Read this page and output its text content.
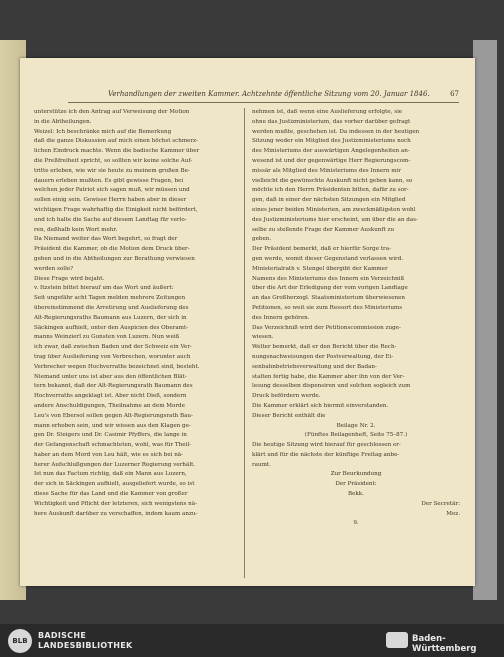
Verhandlungen der zweiten Kammer. Achtzehnte öffentliche Sitzung vom 20. Januar 1846.	67

unterstütze ich den Antrag auf Verweisung der Motion

in die Abtheilungen.

Weizel: Ich beschränke mich auf die Bemerkung

daß die ganze Diskussion auf mich einen höchst schmerz-

lichen Eindruck machte. Wenn die badische Kammer über

die Preßfreiheit spricht, so sollten wir keine solche Auf-

tritte erleben, wie wir sie heute zu meinem großen Be-

dauern erleben mußten. Es gibt gewisse Fragen, bei

welchen jeder Patriot sich sagen muß, wir müssen und

sollen einig sein. Gewisse Herrn haben aber in dieser

wichtigen Frage wahrhaftig die Einigkeit nicht befördert,

und ich halte die Sache auf diesem Landtag für verlo-

ren, deßhalb kein Wort mehr.

Da Niemand weiter das Wort begehrt, so fragt der

Präsident die Kammer, ob die Motion dem Druck über-

geben und in die Abtheilungen zur Berathung verwiesen

werden solle?

Diese Frage wird bejaht.

v. Itzstein bittet hierauf um das Wort und äußert:

Seit ungefähr acht Tagen melden mehrere Zeitungen

übereinstimmend die Arretirung und Auslieferung des

Alt-Regierungsraths Baumann aus Luzern, der sich in

Säckingen aufhielt, unter den Auspicien des Oberamt-

manns Weinzierl zu Gunsten von Luzern. Nun weiß

ich zwar, daß zwischen Baden und der Schweiz ein Ver-

trag über Auslieferung von Verbrechen, worunter auch

Verbrecher wegen Hochverraths bezeichnet sind, besteht.

Niemand unter uns ist aber aus den öffentlichen Blät-

tern bekannt, daß der Alt-Regierungsrath Baumann des

Hochverraths angeklagt ist. Aber nicht Dieß, sondern

andere Anschuldigungen, Theilnahme an dem Morde

Leu's von Ebersol sollen gegen Alt-Regierungsrath Bau-

mann erhoben sein, und wir wissen aus den Klagen ge-

gen Dr. Steigers und Dr. Casimir Pfyffers, die lange in

der Gefangenschaft schmachteten, wohl, was für Theil-

haber an dem Mord von Leu hält, wie es sich bei nä-

herer Aufschlußgungen der Luzerner Regierung verhält.

Ist nun das Factum richtig, daß ein Mann aus Luzern,

der sich in Säckingen aufhielt, ausgeliefert wurde, so ist

diese Sache für das Land und die Kammer von großer

Wichtigkeit und Pflicht der letzteren, sich wenigstens nä-

here Auskunft darüber zu verschaffen, indem kaum anzu-

nehmen ist, daß wenn eine Auslieferung erfolgte, sie

ohne das Justizministerium, das vorher darüber gefragt

werden mußte, geschehen ist. Da indessen in der heutigen

Sitzung weder ein Mitglied des Justizministeriums noch

des Ministeriums der auswärtigen Angelegenheiten an-

wesend ist und der gegenwärtige Herr Regierungscom-

missär als Mitglied des Ministeriums des Innern mir

vielleicht die gewünschte Auskunft nicht geben kann, so

möchte ich den Herrn Präsidenten bitten, dafür zu sor-

gen, daß in einer der nächsten Sitzungen ein Mitglied

eines jener beiden Ministerien, am zweckmäßigsten wohl

des Justizministeriums hier erscheint, um über die an das-

selbe zu stellende Frage der Kammer Auskunft zu

geben.

Der Präsident bemerkt, daß er hierfür Sorge tra-

gen werde, womit dieser Gegenstand verlassen wird.

Ministerialrath v. Stengel übergibt der Kammer

Namens des Ministeriums des Innern ein Verzeichniß

über die Art der Erledigung der vom vorigen Landtage

an das Großherzogl. Staatsministerium überwiesenen

Petitionen, so weit sie zum Ressort des Ministeriums

des Innern gehören.

Das Verzeichniß wird der Petitionscommission zuge-

wiesen.

Welter bemerkt, daß er den Bericht über die Rech-

nungsnachweisungen der Postverwaltung, der Ei-

senbahnbetriebsverwaltung und der Badan-

stalten fertig habe, die Kammer aber ihn von der Ver-

lesung desselben dispensiren und solchen sogleich zum

Druck befördern werde.

Die Kammer erklärt sich hiermit einverstanden.

Dieser Bericht enthält die

Beilage Nr. 2.

(Fünftes Beilagenheft, Seite 75–87.)

Die heutige Sitzung wird hierauf für geschlossen er-

klärt und für die nächste der künftige Freitag anbe-

raumt.

Zur Beurkundung

Der Präsident:

Bekk.

Der Secretär:

Mez.

9.

BLB
BADISCHE
LANDESBIBLIOTHEK
Baden-Württemberg
